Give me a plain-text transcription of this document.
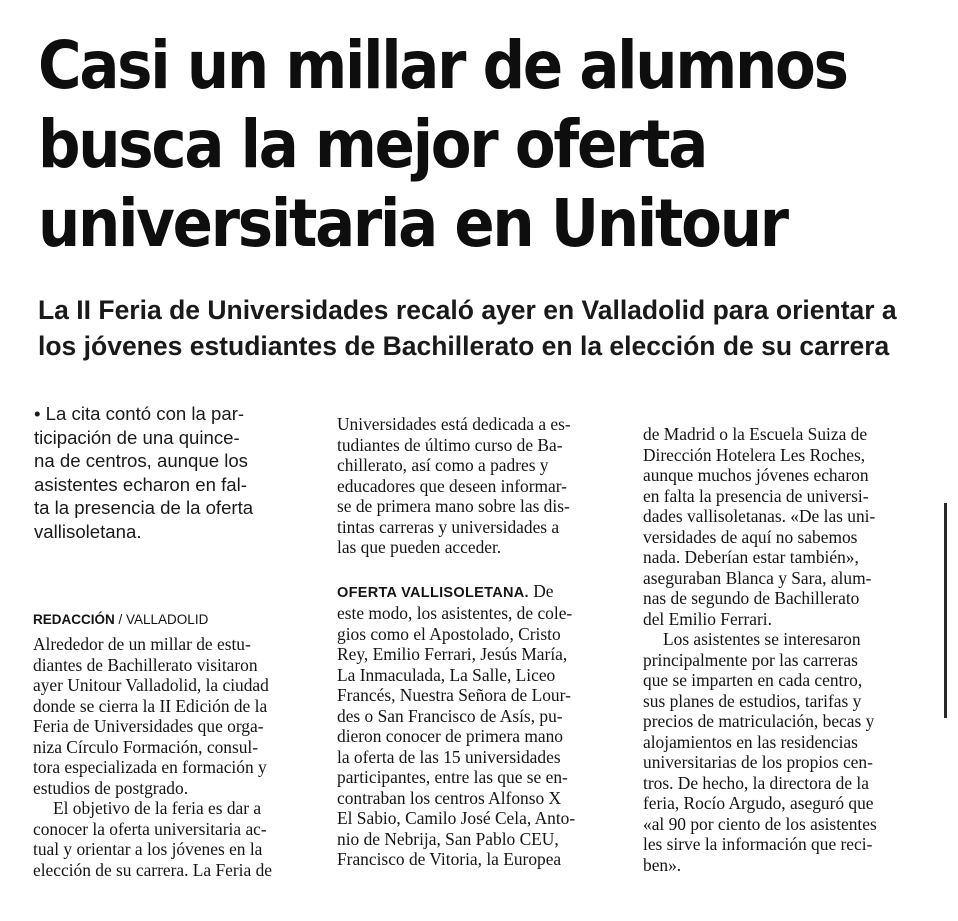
Casi un millar de alumnos
busca la mejor oferta
universitaria en Unitour
La II Feria de Universidades recaló ayer en Valladolid para orientar a
los jóvenes estudiantes de Bachillerato en la elección de su carrera
• La cita contó con la par-
ticipación de una quince-
na de centros, aunque los
asistentes echaron en fal-
ta la presencia de la oferta
vallisoletana.
REDACCIÓN / VALLADOLID
Alrededor de un millar de estu-
diantes de Bachillerato visitaron
ayer Unitour Valladolid, la ciudad
donde se cierra la II Edición de la
Feria de Universidades que orga-
niza Círculo Formación, consul-
tora especializada en formación y
estudios de postgrado.
El objetivo de la feria es dar a
conocer la oferta universitaria ac-
tual y orientar a los jóvenes en la
elección de su carrera. La Feria de
Universidades está dedicada a es-
tudiantes de último curso de Ba-
chillerato, así como a padres y
educadores que deseen informar-
se de primera mano sobre las dis-
tintas carreras y universidades a
las que pueden acceder.
OFERTA VALLISOLETANA. De
este modo, los asistentes, de cole-
gios como el Apostolado, Cristo
Rey, Emilio Ferrari, Jesús María,
La Inmaculada, La Salle, Liceo
Francés, Nuestra Señora de Lour-
des o San Francisco de Asís, pu-
dieron conocer de primera mano
la oferta de las 15 universidades
participantes, entre las que se en-
contraban los centros Alfonso X
El Sabio, Camilo José Cela, Anto-
nio de Nebrija, San Pablo CEU,
Francisco de Vitoria, la Europea
de Madrid o la Escuela Suiza de
Dirección Hotelera Les Roches,
aunque muchos jóvenes echaron
en falta la presencia de universi-
dades vallisoletanas. «De las uni-
versidades de aquí no sabemos
nada. Deberían estar también»,
aseguraban Blanca y Sara, alum-
nas de segundo de Bachillerato
del Emilio Ferrari.
Los asistentes se interesaron
principalmente por las carreras
que se imparten en cada centro,
sus planes de estudios, tarifas y
precios de matriculación, becas y
alojamientos en las residencias
universitarias de los propios cen-
tros. De hecho, la directora de la
feria, Rocío Argudo, aseguró que
«al 90 por ciento de los asistentes
les sirve la información que reci-
ben».
